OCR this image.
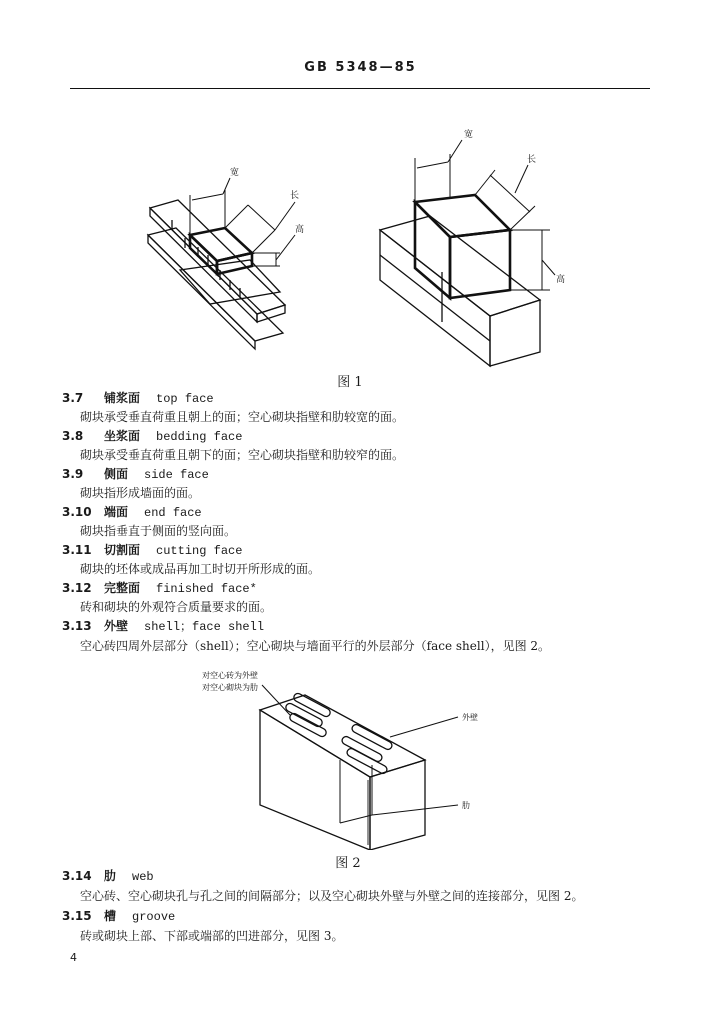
GB 5348—85
宽
长
高
宽
长
高
图 1
3.7 铺浆面 top face
砌块承受垂直荷重且朝上的面；空心砌块指壁和肋较宽的面。
3.8 坐浆面 bedding face
砌块承受垂直荷重且朝下的面；空心砌块指壁和肋较窄的面。
3.9 侧面 side face
砌块指形成墙面的面。
3.10 端面 end face
砌块指垂直于侧面的竖向面。
3.11 切割面 cutting face
砌块的坯体或成品再加工时切开所形成的面。
3.12 完整面 finished face*
砖和砌块的外观符合质量要求的面。
3.13 外壁 shell；face shell
空心砖四周外层部分（shell）；空心砌块与墙面平行的外层部分（face shell），见图 2。
对空心砖为外壁
对空心砌块为肋
外壁
肋
图 2
3.14 肋 web
空心砖、空心砌块孔与孔之间的间隔部分；以及空心砌块外壁与外壁之间的连接部分，见图 2。
3.15 槽 groove
砖或砌块上部、下部或端部的凹进部分，见图 3。
4
